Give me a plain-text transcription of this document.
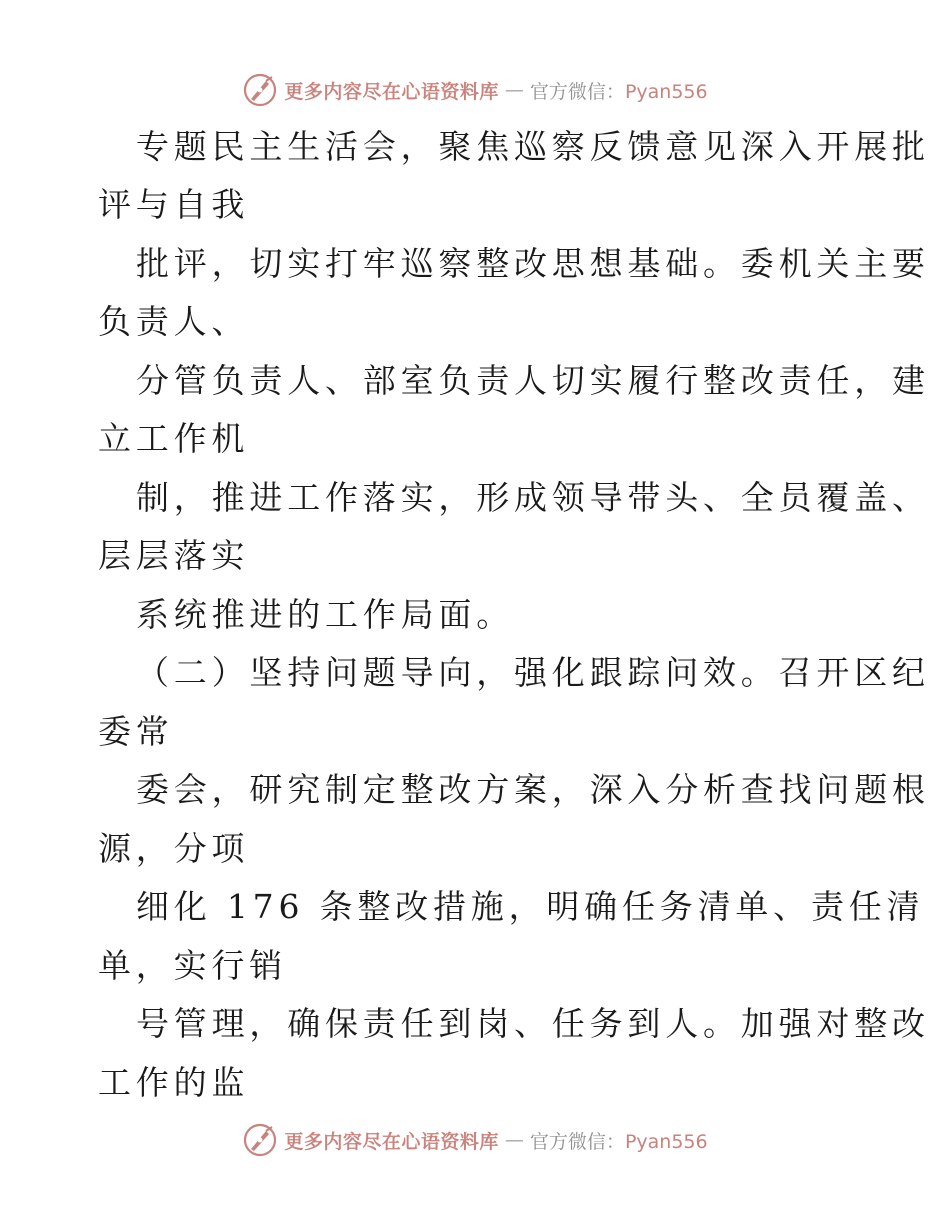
更多内容尽在心语资料库 — 官方微信：Pyan556
专题民主生活会，聚焦巡察反馈意见深入开展批
评与自我
批评，切实打牢巡察整改思想基础。委机关主要
负责人、
分管负责人、部室负责人切实履行整改责任，建
立工作机
制，推进工作落实，形成领导带头、全员覆盖、
层层落实
系统推进的工作局面。
（二）坚持问题导向，强化跟踪问效。召开区纪
委常
委会，研究制定整改方案，深入分析查找问题根
源，分项
细化 176 条整改措施，明确任务清单、责任清
单，实行销
号管理，确保责任到岗、任务到人。加强对整改
工作的监
更多内容尽在心语资料库 — 官方微信：Pyan556
